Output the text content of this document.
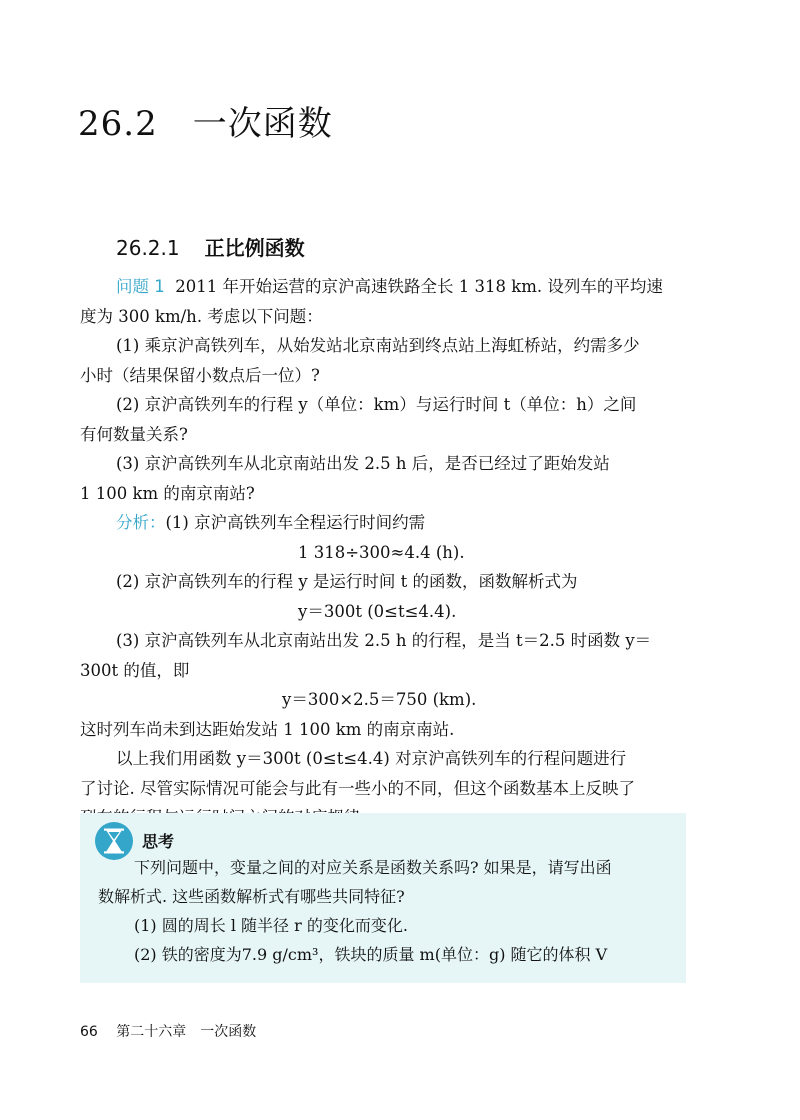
26.2　一次函数
26.2.1 正比例函数
问题 1 2011 年开始运营的京沪高速铁路全长 1 318 km. 设列车的平均速
度为 300 km/h. 考虑以下问题：
(1) 乘京沪高铁列车，从始发站北京南站到终点站上海虹桥站，约需多少
小时（结果保留小数点后一位）?
(2) 京沪高铁列车的行程 y（单位：km）与运行时间 t（单位：h）之间
有何数量关系?
(3) 京沪高铁列车从北京南站出发 2.5 h 后，是否已经过了距始发站
1 100 km 的南京南站?
分析：(1) 京沪高铁列车全程运行时间约需
1 318÷300≈4.4 (h).
(2) 京沪高铁列车的行程 y 是运行时间 t 的函数，函数解析式为
y＝300t (0≤t≤4.4).
(3) 京沪高铁列车从北京南站出发 2.5 h 的行程，是当 t＝2.5 时函数 y＝
300t 的值，即
y＝300×2.5＝750 (km).
这时列车尚未到达距始发站 1 100 km 的南京南站.
以上我们用函数 y＝300t (0≤t≤4.4) 对京沪高铁列车的行程问题进行
了讨论. 尽管实际情况可能会与此有一些小的不同，但这个函数基本上反映了
思考
下列问题中，变量之间的对应关系是函数关系吗? 如果是，请写出函
数解析式. 这些函数解析式有哪些共同特征?
(1) 圆的周长 l 随半径 r 的变化而变化.
(2) 铁的密度为7.9 g/cm³，铁块的质量 m(单位：g) 随它的体积 V
66 第二十六章　一次函数
